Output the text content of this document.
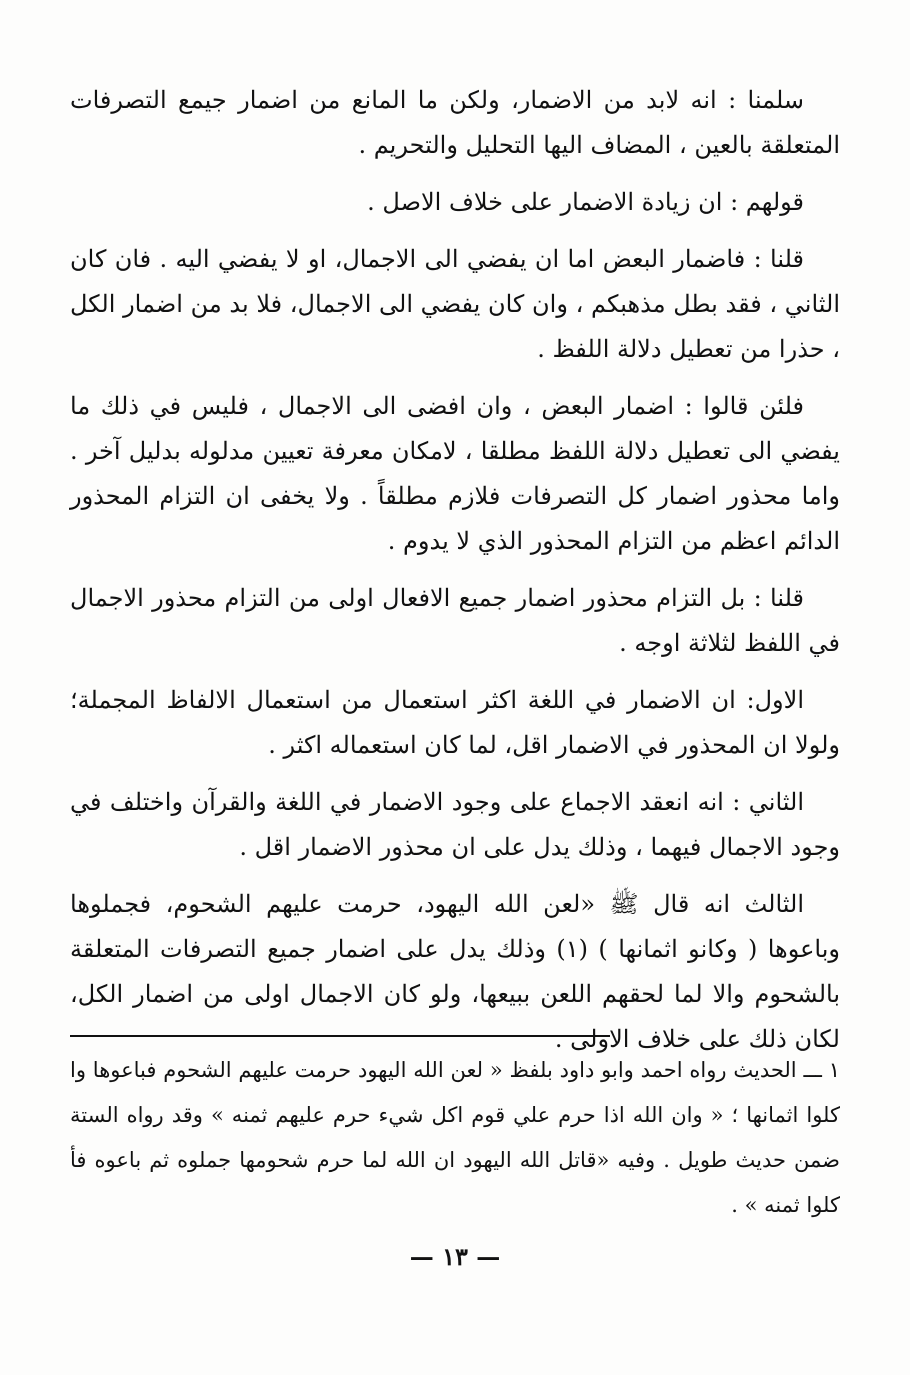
سلمنا : انه لابد من الاضمار، ولكن ما المانع من اضمار جيمع التصرفات المتعلقة بالعين ، المضاف اليها التحليل والتحريم .

قولهم : ان زيادة الاضمار على خلاف الاصل .

قلنا : فاضمار البعض اما ان يفضي الى الاجمال، او لا يفضي اليه . فان كان الثاني ، فقد بطل مذهبكم ، وان كان يفضي الى الاجمال، فلا بد من اضمار الكل ، حذرا من تعطيل دلالة اللفظ .

فلئن قالوا : اضمار البعض ، وان افضى الى الاجمال ، فليس في ذلك ما يفضي الى تعطيل دلالة اللفظ مطلقا ، لامكان معرفة تعيين مدلوله بدليل آخر . واما محذور اضمار كل التصرفات فلازم مطلقاً . ولا يخفى ان التزام المحذور الدائم اعظم من التزام المحذور الذي لا يدوم .

قلنا : بل التزام محذور اضمار جميع الافعال اولى من التزام محذور الاجمال في اللفظ لثلاثة اوجه .

الاول: ان الاضمار في اللغة اكثر استعمال من استعمال الالفاظ المجملة؛ ولولا ان المحذور في الاضمار اقل، لما كان استعماله اكثر .

الثاني : انه انعقد الاجماع على وجود الاضمار في اللغة والقرآن واختلف في وجود الاجمال فيهما ، وذلك يدل على ان محذور الاضمار اقل .

الثالث انه قال ﷺ «لعن الله اليهود، حرمت عليهم الشحوم، فجملوها وباعوها ( وكانو اثمانها ) (١) وذلك يدل على اضمار جميع التصرفات المتعلقة بالشحوم والا لما لحقهم اللعن ببيعها، ولو كان الاجمال اولى من اضمار الكل، لكان ذلك على خلاف الاولى .

١ ـــ الحديث رواه احمد وابو داود بلفظ « لعن الله اليهود حرمت عليهم الشحوم فباعوها وا كلوا اثمانها ؛ « وان الله اذا حرم علي قوم اكل شيء حرم عليهم ثمنه » وقد رواه الستة ضمن حديث طويل . وفيه «قاتل الله اليهود ان الله لما حرم شحومها جملوه ثم باعوه فأ كلوا ثمنه » .

— ١٣ —
